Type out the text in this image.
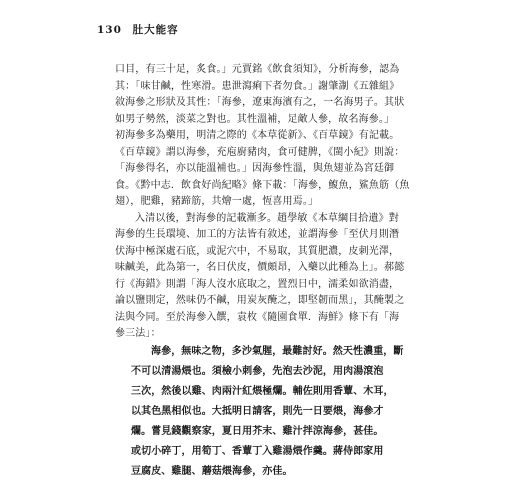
130 肚大能容
口目，有三十足，炙食。」元賈銘《飲食須知》，分析海參，認為
其：「味甘鹹，性寒滑。患泄瀉痢下者勿食。」謝肇淛《五雜組》
敘海參之形狀及其性：「海參，遼東海濱有之，一名海男子。其狀
如男子勢然，淡菜之對也。其性溫補，足敵人參，故名海參。」
初海參多為藥用，明清之際的《本草從新》、《百草鏡》有記載。
《百草鏡》謂以海參，充庖廚豬肉，食可健脾，《閩小紀》則說：
「海參得名，亦以能溫補也。」因海參性溫，與魚翅並為宮廷御
食。《黔中志．飲食好尚紀略》條下載：「海參，鰒魚，鯊魚筋（魚
翅），肥雞，豬蹄筋，共燴一處，恆喜用焉。」
入清以後，對海參的記載漸多。趙學敏《本草綱目拾遺》對
海參的生長環境、加工的方法皆有敘述，並謂海參「至伏月則潛
伏海中極深處石底，或泥穴中，不易取，其質肥濃，皮刺光澤，
味鹹美，此為第一，名日伏皮，價頗昂，入藥以此種為上」。郝懿
行《海錯》則謂「海人沒水底取之，置烈日中，濡柔如欲消盡，
論以鹽則定，然味仍不鹹，用炭灰醃之，即堅韌而黑」，其醃製之
法與今同。至於海參入饌，袁枚《隨園食單．海鮮》條下有「海
參三法」：
海參，無味之物，多沙氣腥，最難討好。然天性濃重，斷
不可以清湯煨也。須檢小刺參，先泡去沙泥，用肉湯滾泡
三次，然後以雞、肉兩汁紅煨極爛。輔佐則用香蕈、木耳，
以其色黑相似也。大抵明日請客，則先一日要煨，海參才
爛。嘗見錢觀察家，夏日用芥末、雞汁拌涼海參，甚佳。
或切小碎丁，用筍丁、香蕈丁入雞湯煨作羹。蔣侍郎家用
豆腐皮、雞腿、蘑菇煨海參，亦佳。
